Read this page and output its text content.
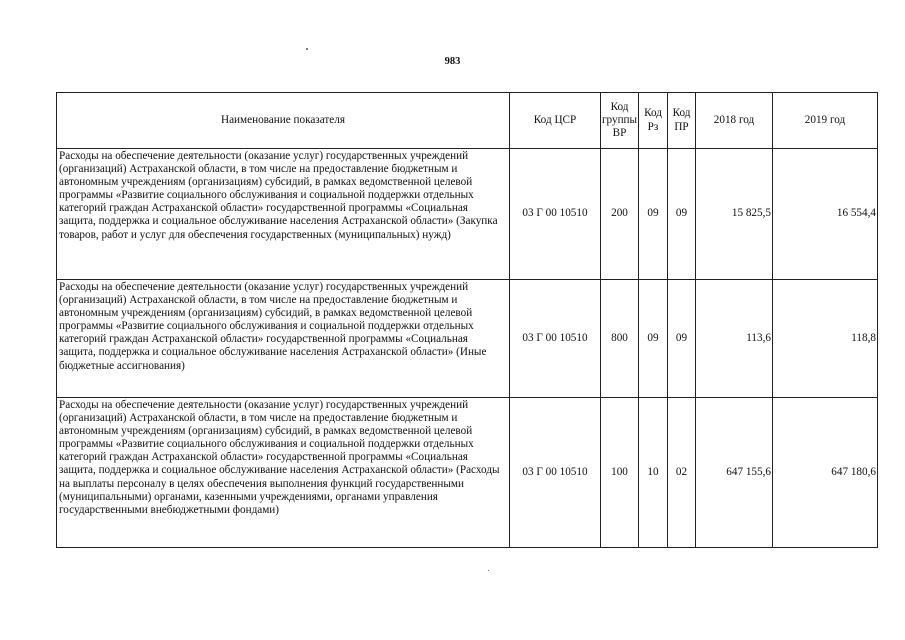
983
Наименование показателя	Код ЦСР	Код группы ВР	Код Рз	Код ПР	2018 год	2019 год
Расходы на обеспечение деятельности (оказание услуг) государственных учреждений (организаций) Астраханской области, в том числе на предоставление бюджетным и автономным учреждениям (организациям) субсидий, в рамках ведомственной целевой программы «Развитие социального обслуживания и социальной поддержки отдельных категорий граждан Астраханской области» государственной программы «Социальная защита, поддержка и социальное обслуживание населения Астраханской области» (Закупка товаров, работ и услуг для обеспечения государственных (муниципальных) нужд)	03 Г 00 10510	200	09	09	15 825,5	16 554,4
Расходы на обеспечение деятельности (оказание услуг) государственных учреждений (организаций) Астраханской области, в том числе на предоставление бюджетным и автономным учреждениям (организациям) субсидий, в рамках ведомственной целевой программы «Развитие социального обслуживания и социальной поддержки отдельных категорий граждан Астраханской области» государственной программы «Социальная защита, поддержка и социальное обслуживание населения Астраханской области» (Иные бюджетные ассигнования)	03 Г 00 10510	800	09	09	113,6	118,8
Расходы на обеспечение деятельности (оказание услуг) государственных учреждений (организаций) Астраханской области, в том числе на предоставление бюджетным и автономным учреждениям (организациям) субсидий, в рамках ведомственной целевой программы «Развитие социального обслуживания и социальной поддержки отдельных категорий граждан Астраханской области» государственной программы «Социальная защита, поддержка и социальное обслуживание населения Астраханской области» (Расходы на выплаты персоналу в целях обеспечения выполнения функций государственными (муниципальными) органами, казенными учреждениями, органами управления государственными внебюджетными фондами)	03 Г 00 10510	100	10	02	647 155,6	647 180,6
